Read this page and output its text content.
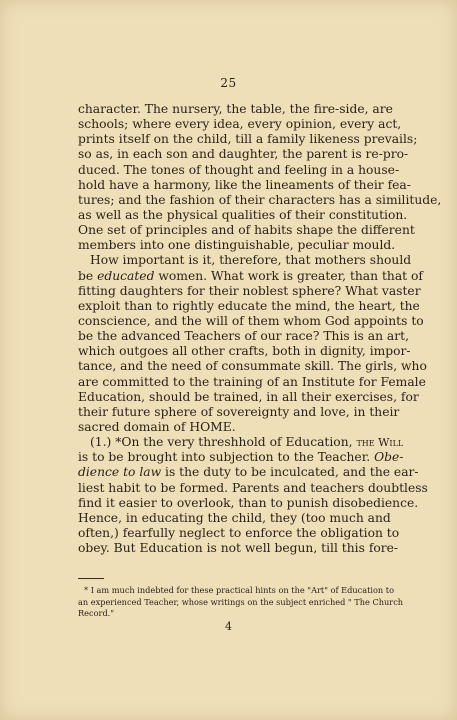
25
character. The nursery, the table, the fire-side, are
schools; where every idea, every opinion, every act,
prints itself on the child, till a family likeness prevails;
so as, in each son and daughter, the parent is re-pro-
duced. The tones of thought and feeling in a house-
hold have a harmony, like the lineaments of their fea-
tures; and the fashion of their characters has a similitude,
as well as the physical qualities of their constitution.
One set of principles and of habits shape the different
members into one distinguishable, peculiar mould.
How important is it, therefore, that mothers should
be educated women. What work is greater, than that of
fitting daughters for their noblest sphere? What vaster
exploit than to rightly educate the mind, the heart, the
conscience, and the will of them whom God appoints to
be the advanced Teachers of our race? This is an art,
which outgoes all other crafts, both in dignity, impor-
tance, and the need of consummate skill. The girls, who
are committed to the training of an Institute for Female
Education, should be trained, in all their exercises, for
their future sphere of sovereignty and love, in their
sacred domain of HOME.
(1.) *On the very threshhold of Education, the Will
is to be brought into subjection to the Teacher. Obe-
dience to law is the duty to be inculcated, and the ear-
liest habit to be formed. Parents and teachers doubtless
find it easier to overlook, than to punish disobedience.
Hence, in educating the child, they (too much and
often,) fearfully neglect to enforce the obligation to
obey. But Education is not well begun, till this fore-
* I am much indebted for these practical hints on the "Art" of Education to
an experienced Teacher, whose writings on the subject enriched " The Church
Record."
4
